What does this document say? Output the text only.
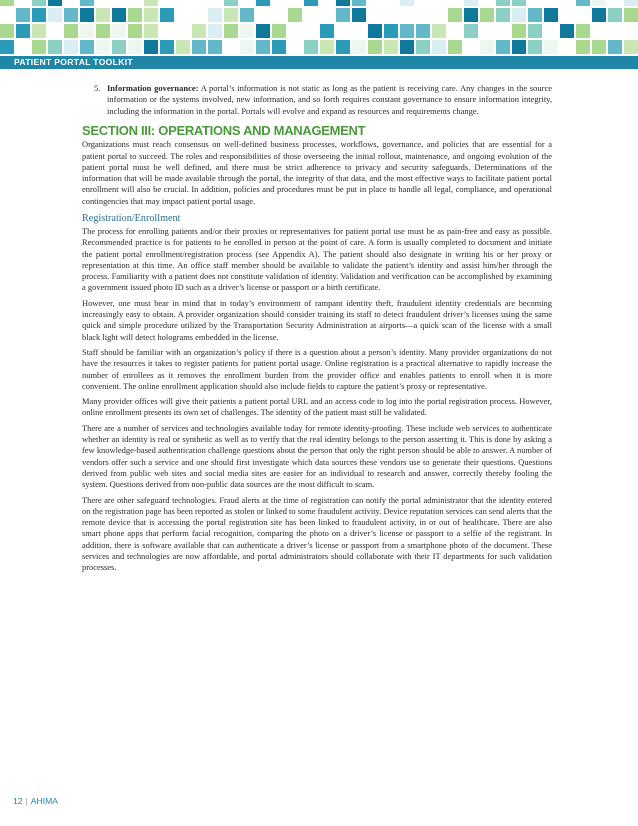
PATIENT PORTAL TOOLKIT
5. Information governance: A portal’s information is not static as long as the patient is receiving care. Any changes in the source information or the systems involved, new information, and so forth requires constant governance to ensure information integrity, including the information in the portal. Portals will evolve and expand as resources and requirements change.
SECTION III: OPERATIONS AND MANAGEMENT

Organizations must reach consensus on well-defined business processes, workflows, governance, and policies that are essential for a patient portal to succeed. The roles and responsibilities of those overseeing the initial rollout, maintenance, and ongoing evolution of the patient portal must be well defined, and there must be strict adherence to privacy and security safeguards. Determinations of the information that will be made available through the portal, the integrity of that data, and the most effective ways to facilitate patient portal enrollment will also be crucial. In addition, policies and procedures must be put in place to handle all legal, compliance, and operational contingencies that may impact patient portal usage.

Registration/Enrollment

The process for enrolling patients and/or their proxies or representatives for patient portal use must be as pain-free and easy as possible. Recommended practice is for patients to be enrolled in person at the point of care. A form is usually completed to document and initiate the patient portal enrollment/registration process (see Appendix A). The patient should also designate in writing his or her proxy or representation at this time. An office staff member should be available to validate the patient’s identity and assist him/her through the process. Familiarity with a patient does not constitute validation of identity. Validation and verification can be accomplished by examining a government issued photo ID such as a driver’s license or passport or a birth certificate.

However, one must bear in mind that in today’s environment of rampant identity theft, fraudulent identity credentials are becoming increasingly easy to obtain. A provider organization should consider training its staff to detect fraudulent driver’s licenses using the same quick and simple procedure utilized by the Transportation Security Administration at airports—a quick scan of the license with a small black light will detect holograms embedded in the license.

Staff should be familiar with an organization’s policy if there is a question about a person’s identity. Many provider organizations do not have the resources it takes to register patients for patient portal usage. Online registration is a practical alternative to rapidly increase the number of enrollees as it removes the enrollment burden from the provider office and enables patients to enroll when it is more convenient. The online enrollment application should also include fields to capture the patient’s proxy or representative.

Many provider offices will give their patients a patient portal URL and an access code to log into the portal registration process. However, online enrollment presents its own set of challenges. The identity of the patient must still be validated.

There are a number of services and technologies available today for remote identity-proofing. These include web services to authenticate whether an identity is real or synthetic as well as to verify that the real identity belongs to the person asserting it. This is done by asking a few knowledge-based authentication challenge questions about the person that only the right person should be able to answer. A number of vendors offer such a service and one should first investigate which data sources these vendors use to generate their questions. Questions derived from public web sites and social media sites are easier for an individual to research and answer, correctly thereby fooling the system. Questions derived from non-public data sources are the most difficult to scam.

There are other safeguard technologies. Fraud alerts at the time of registration can notify the portal administrator that the identity entered on the registration page has been reported as stolen or linked to some fraudulent activity. Device reputation services can send alerts that the remote device that is accessing the portal registration site has been linked to fraudulent activity, in or out of healthcare. There are also smart phone apps that perform facial recognition, comparing the photo on a driver’s license or passport to a selfie of the registrant. In addition, there is software available that can authenticate a driver’s license or passport from a smartphone photo of the document. These services and technologies are now affordable, and portal administrators should collaborate with their IT departments for such validation processes.

12 | AHIMA
